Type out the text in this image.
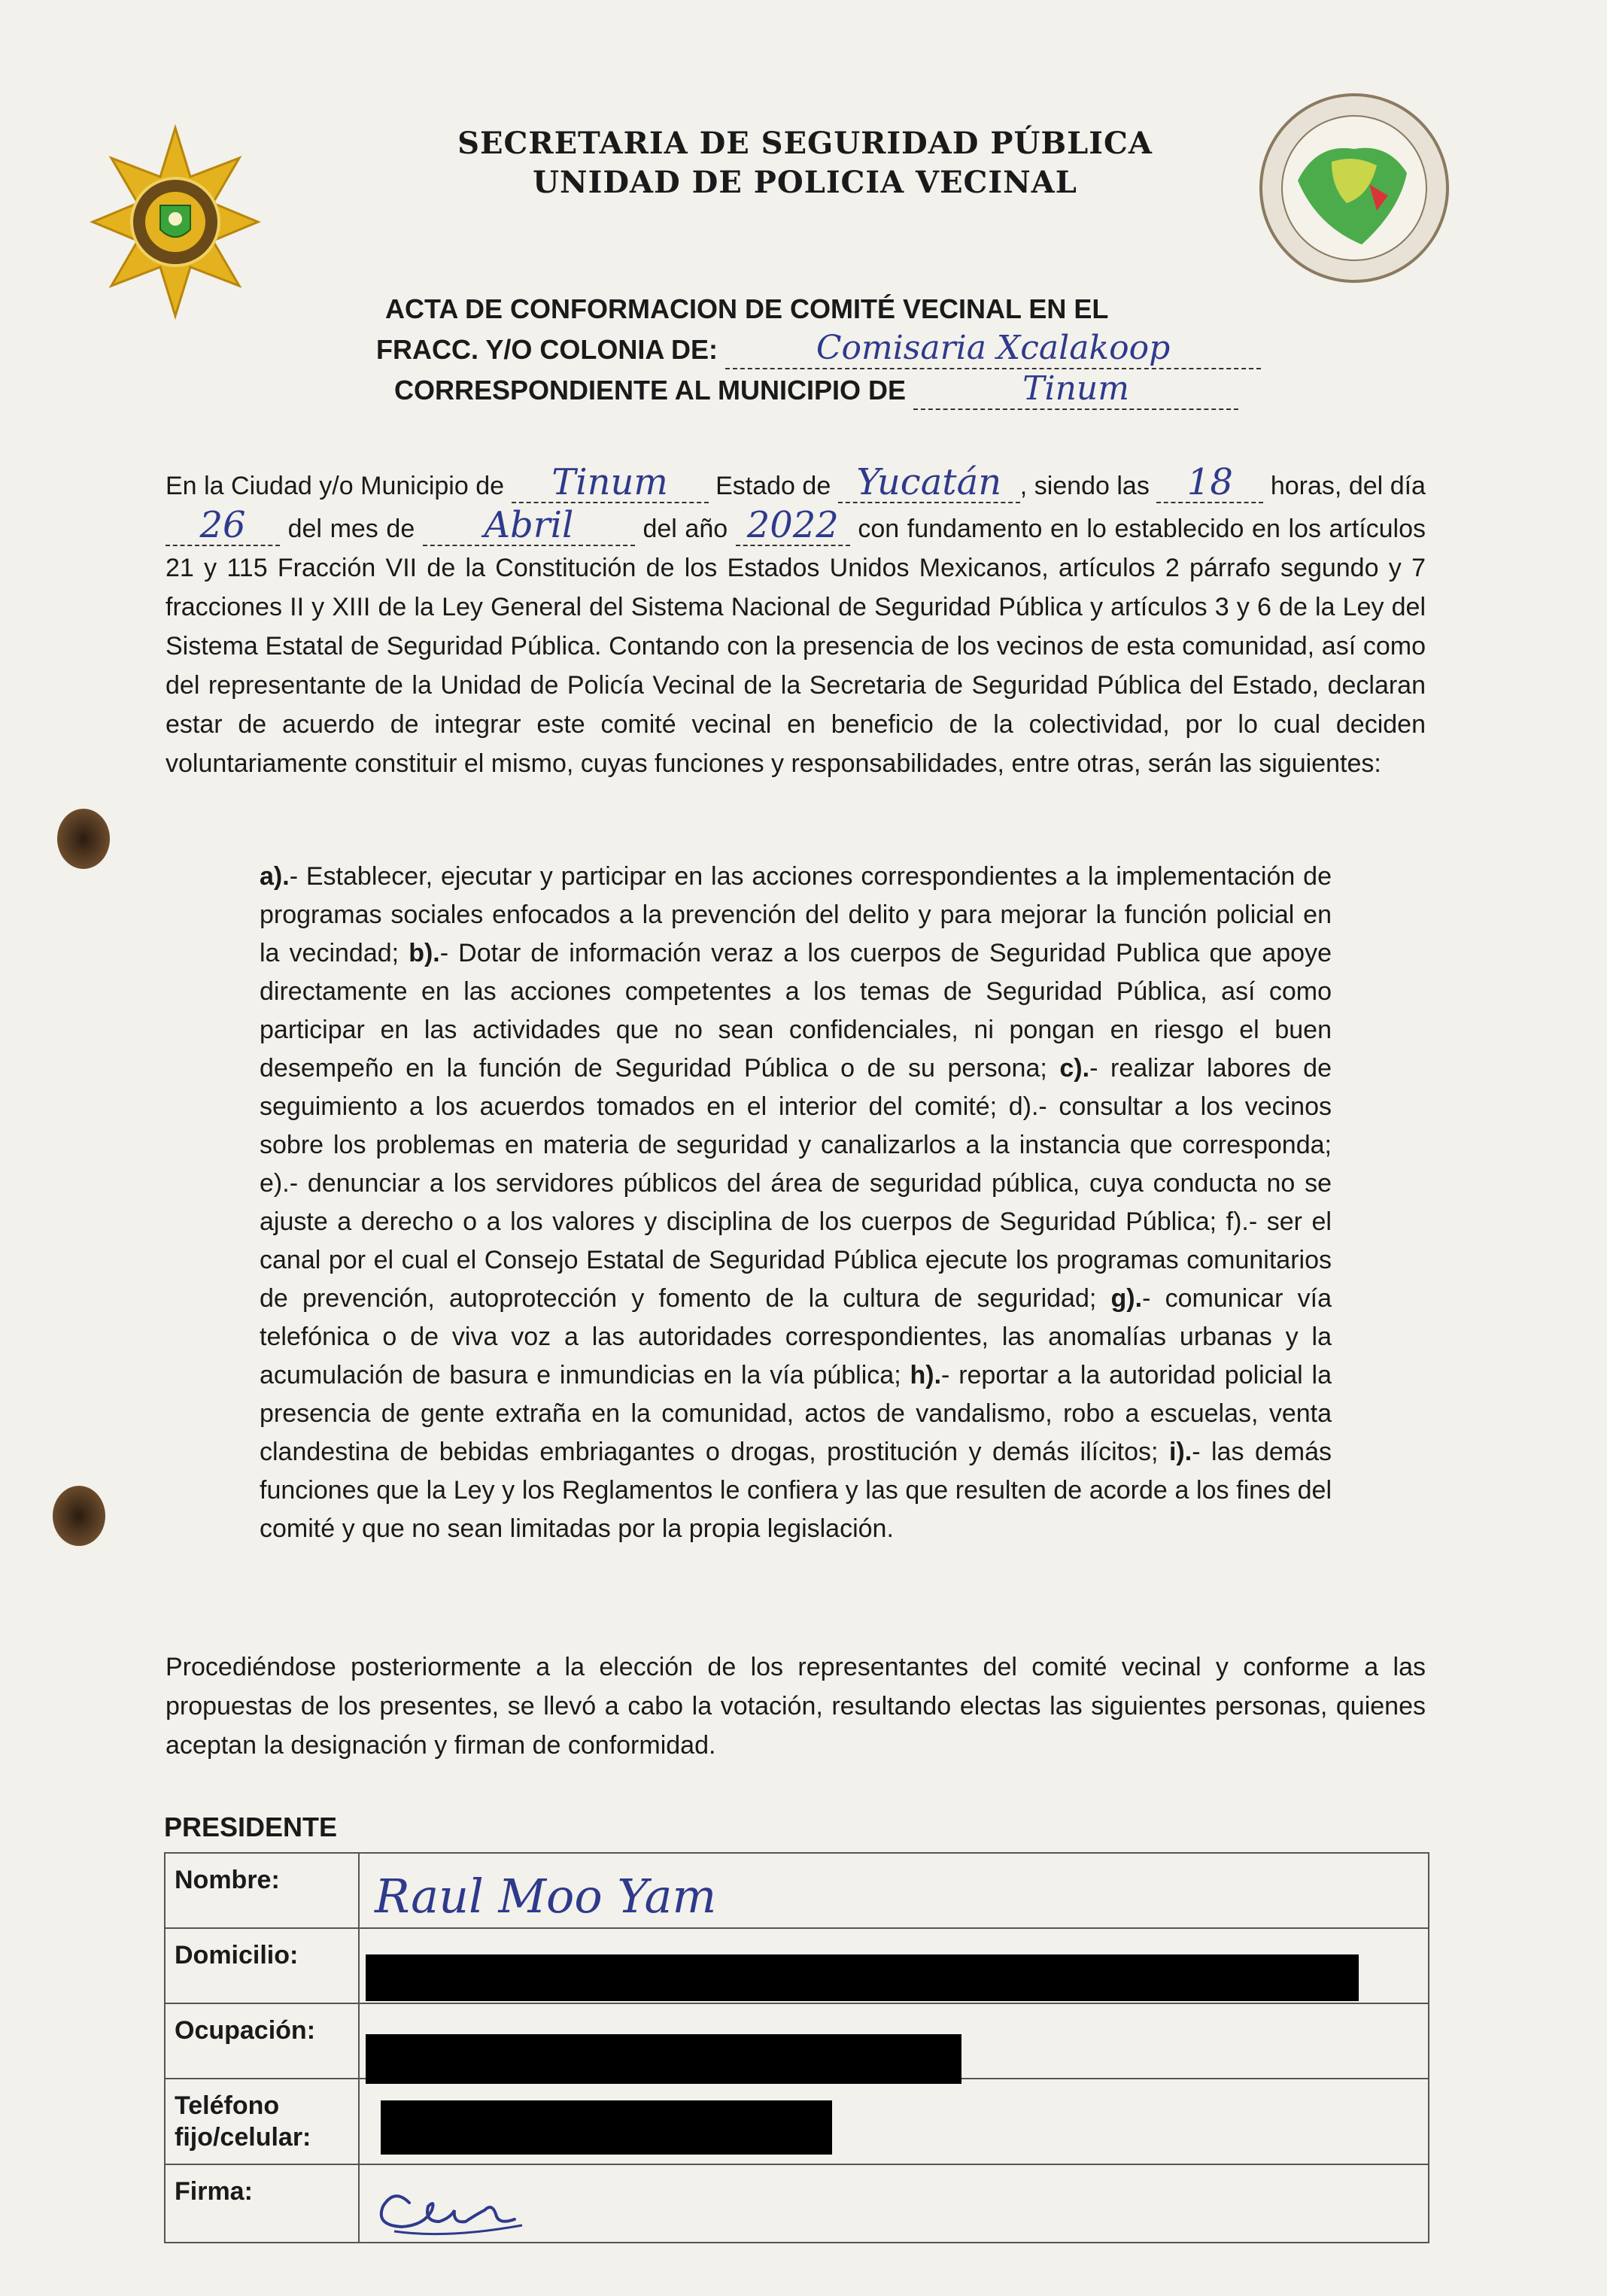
SECRETARIA DE SEGURIDAD PÚBLICA
UNIDAD DE POLICIA VECINAL
ACTA DE CONFORMACION DE COMITÉ VECINAL EN EL
FRACC. Y/O COLONIA DE:	Comisaria Xcalakoop
CORRESPONDIENTE AL MUNICIPIO DE	Tinum
En la Ciudad y/o Municipio de Tinum Estado de Yucatán , siendo las 18 horas, del día 26 del mes de Abril	del año 2022 con fundamento en lo establecido en los artículos 21 y 115 Fracción VII de la Constitución de los Estados Unidos Mexicanos, artículos 2 párrafo segundo y 7 fracciones II y XIII de la Ley General del Sistema Nacional de Seguridad Pública y artículos 3 y 6 de la Ley del Sistema Estatal de Seguridad Pública. Contando con la presencia de los vecinos de esta comunidad, así como del representante de la Unidad de Policía Vecinal de la Secretaria de Seguridad Pública del Estado, declaran estar de acuerdo de integrar este comité vecinal en beneficio de la colectividad, por lo cual deciden voluntariamente constituir el mismo, cuyas funciones y responsabilidades, entre otras, serán las siguientes:
a).- Establecer, ejecutar y participar en las acciones correspondientes a la implementación de programas sociales enfocados a la prevención del delito y para mejorar la función policial en la vecindad; b).- Dotar de información veraz a los cuerpos de Seguridad Publica que apoye directamente en las acciones competentes a los temas de Seguridad Pública, así como participar en las actividades que no sean confidenciales, ni pongan en riesgo el buen desempeño en la función de Seguridad Pública o de su persona; c).- realizar labores de seguimiento a los acuerdos tomados en el interior del comité; d).- consultar a los vecinos sobre los problemas en materia de seguridad y canalizarlos a la instancia que corresponda; e).- denunciar a los servidores públicos del área de seguridad pública, cuya conducta no se ajuste a derecho o a los valores y disciplina de los cuerpos de Seguridad Pública; f).- ser el canal por el cual el Consejo Estatal de Seguridad Pública ejecute los programas comunitarios de prevención, autoprotección y fomento de la cultura de seguridad; g).- comunicar vía telefónica o de viva voz a las autoridades correspondientes, las anomalías urbanas y la acumulación de basura e inmundicias en la vía pública; h).- reportar a la autoridad policial la presencia de gente extraña en la comunidad, actos de vandalismo, robo a escuelas, venta clandestina de bebidas embriagantes o drogas, prostitución y demás ilícitos; i).- las demás funciones que la Ley y los Reglamentos le confiera y las que resulten de acorde a los fines del comité y que no sean limitadas por la propia legislación.
Procediéndose posteriormente a la elección de los representantes del comité vecinal y conforme a las propuestas de los presentes, se llevó a cabo la votación, resultando electas las siguientes personas, quienes aceptan la designación y firman de conformidad.
PRESIDENTE
Nombre:	Raul Moo Yam

Domicilio:	

Ocupación:	

Teléfono
fijo/celular:	

Firma:	
